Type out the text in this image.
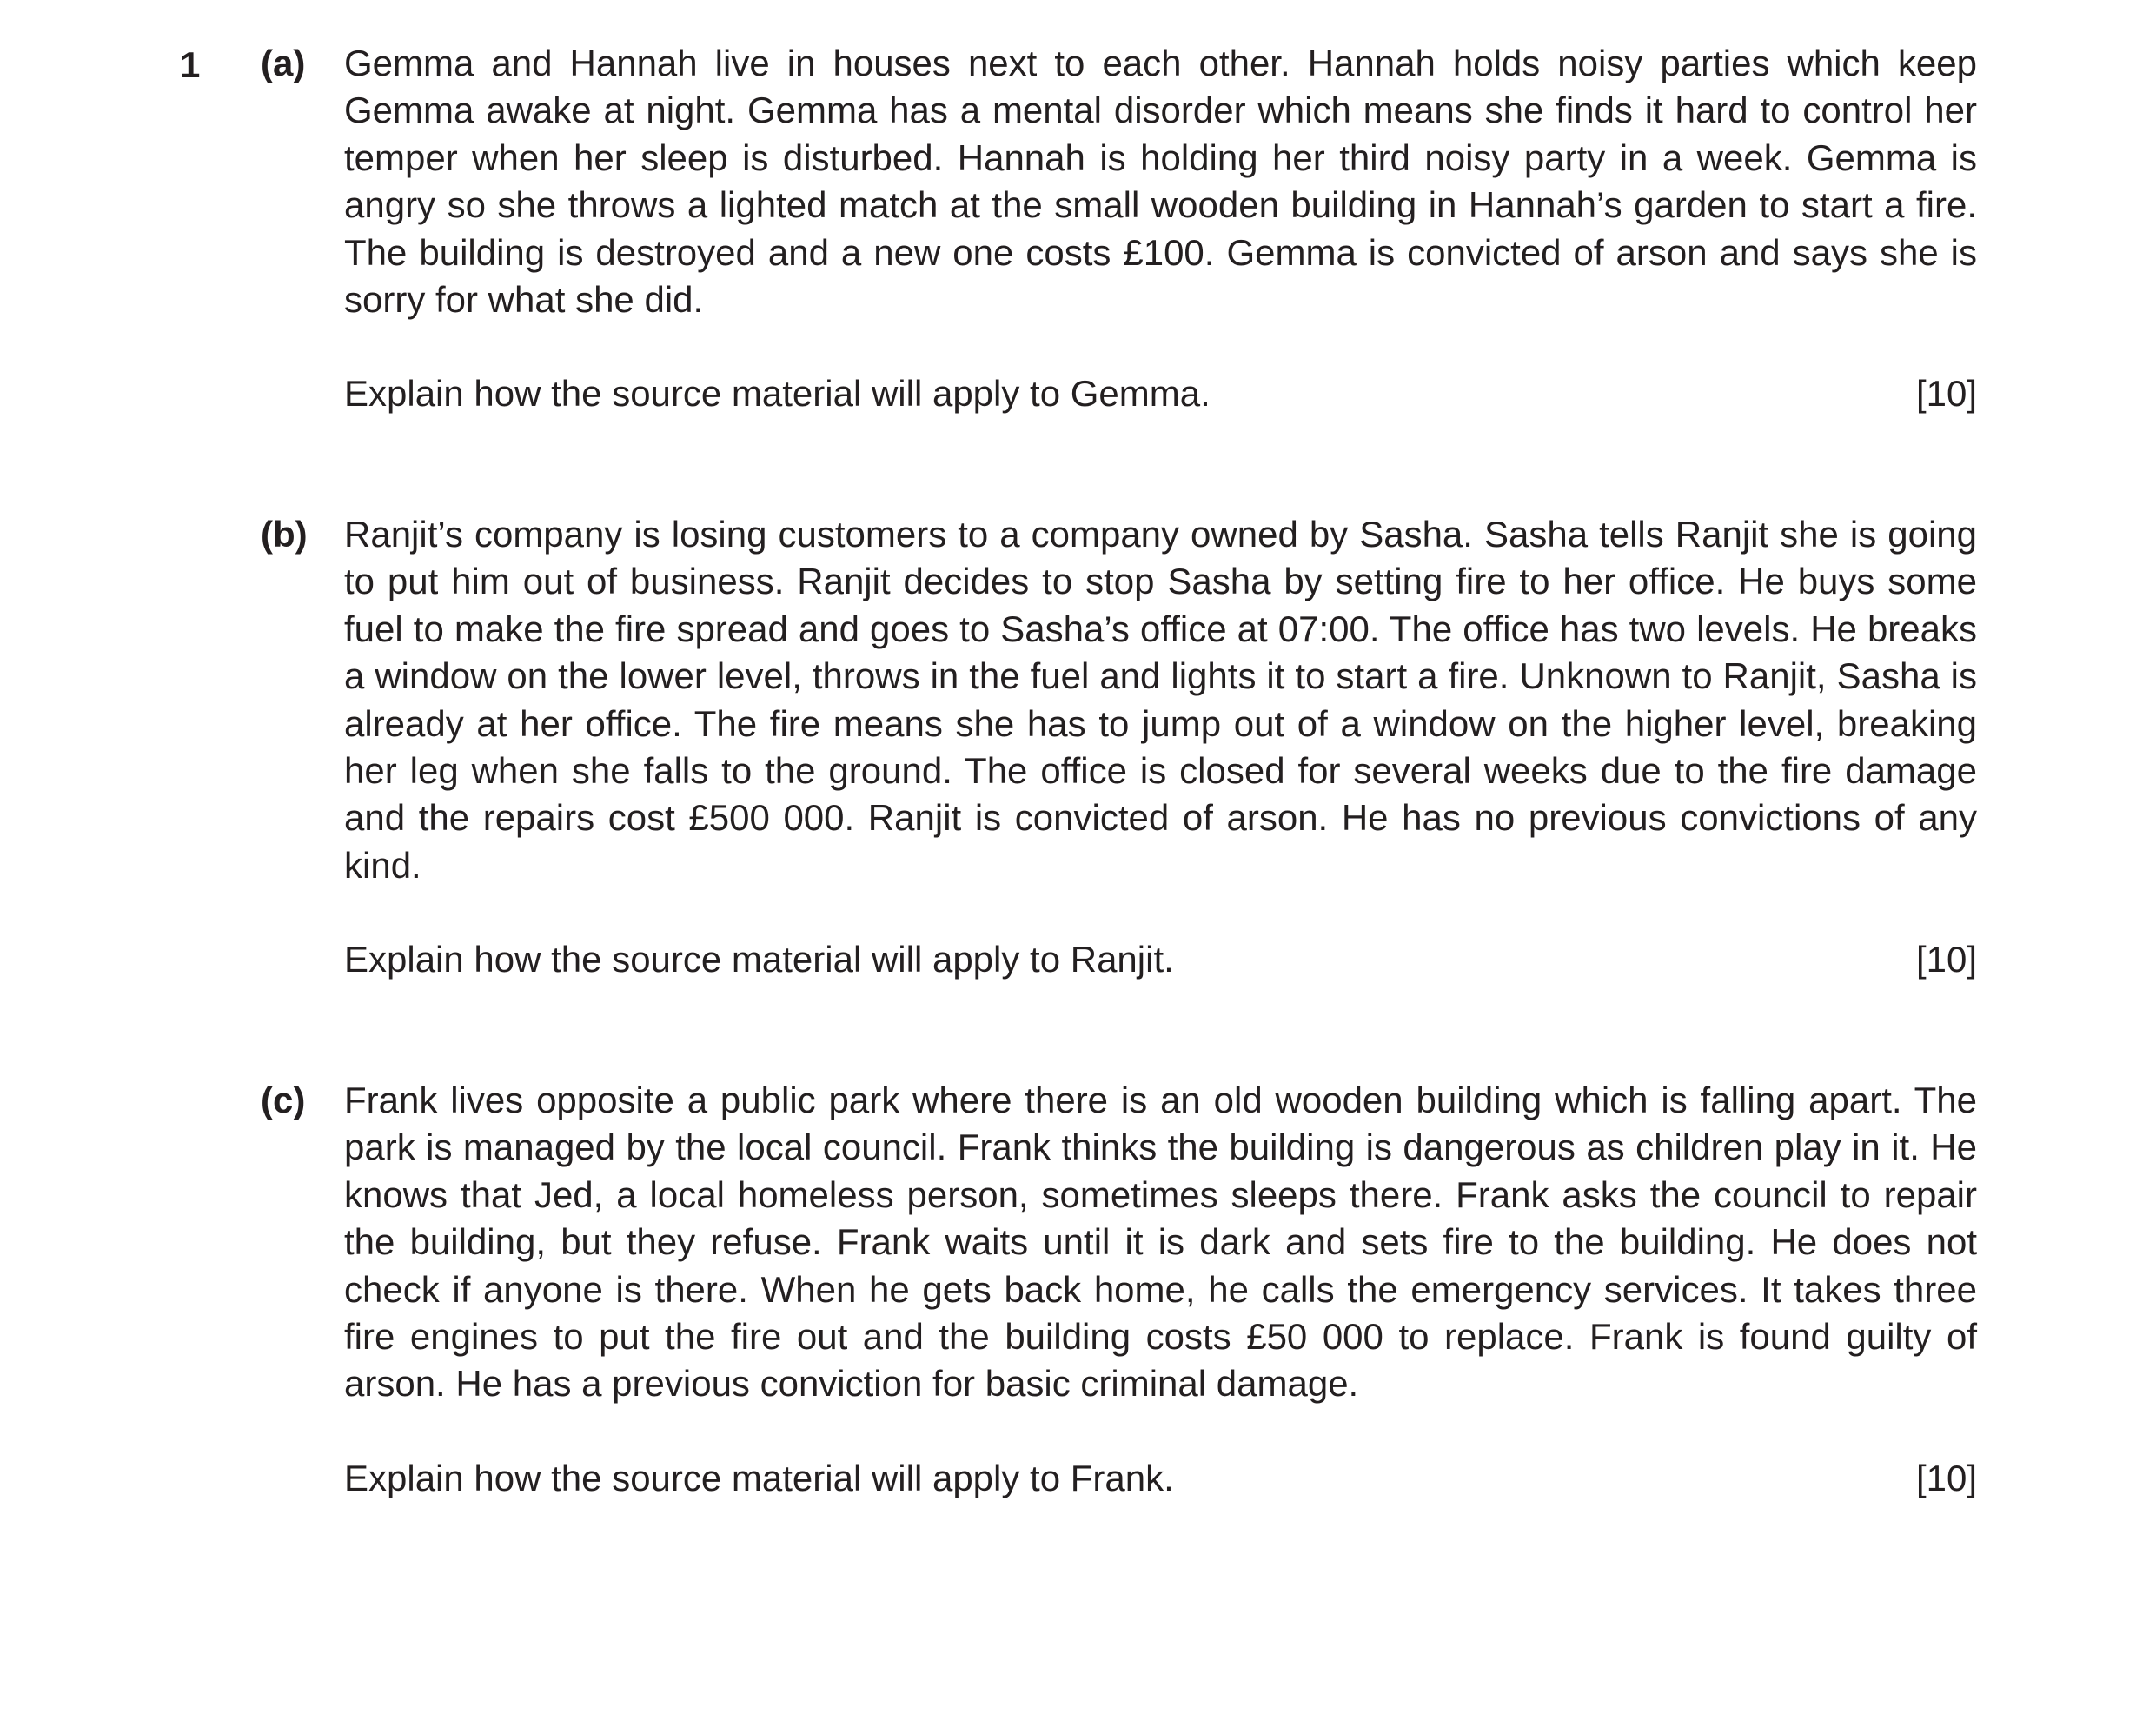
1 (a) Gemma and Hannah live in houses next to each other. Hannah holds noisy parties which keep Gemma awake at night. Gemma has a mental disorder which means she finds it hard to control her temper when her sleep is disturbed. Hannah is holding her third noisy party in a week. Gemma is angry so she throws a lighted match at the small wooden building in Hannah’s garden to start a fire. The building is destroyed and a new one costs £100. Gemma is convicted of arson and says she is sorry for what she did.

Explain how the source material will apply to Gemma.	[10]
(b) Ranjit’s company is losing customers to a company owned by Sasha. Sasha tells Ranjit she is going to put him out of business. Ranjit decides to stop Sasha by setting fire to her office. He buys some fuel to make the fire spread and goes to Sasha’s office at 07:00. The office has two levels. He breaks a window on the lower level, throws in the fuel and lights it to start a fire. Unknown to Ranjit, Sasha is already at her office. The fire means she has to jump out of a window on the higher level, breaking her leg when she falls to the ground. The office is closed for several weeks due to the fire damage and the repairs cost £500 000. Ranjit is convicted of arson. He has no previous convictions of any kind.

Explain how the source material will apply to Ranjit.	[10]
(c) Frank lives opposite a public park where there is an old wooden building which is falling apart. The park is managed by the local council. Frank thinks the building is dangerous as children play in it. He knows that Jed, a local homeless person, sometimes sleeps there. Frank asks the council to repair the building, but they refuse. Frank waits until it is dark and sets fire to the building. He does not check if anyone is there. When he gets back home, he calls the emergency services. It takes three fire engines to put the fire out and the building costs £50 000 to replace. Frank is found guilty of arson. He has a previous conviction for basic criminal damage.

Explain how the source material will apply to Frank.	[10]
